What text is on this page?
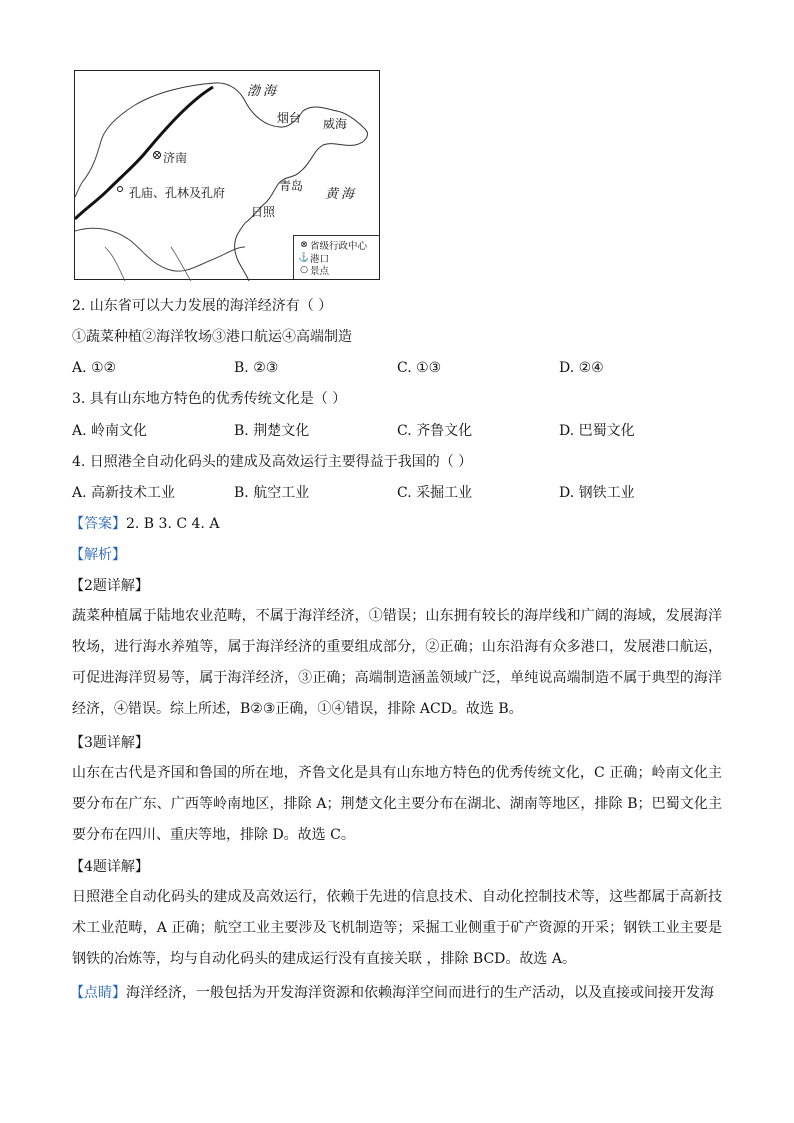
渤海
烟台 威海
济南
孔庙、孔林及孔府	青岛
黄海
日照
⊗ 省级行政中心
⚓ 港口
○ 景点
2. 山东省可以大力发展的海洋经济有（ ）
①蔬菜种植②海洋牧场③港口航运④高端制造
A. ①②	B. ②③	C. ①③	D. ②④
3. 具有山东地方特色的优秀传统文化是（ ）
A. 岭南文化	B. 荆楚文化	C. 齐鲁文化	D. 巴蜀文化
4. 日照港全自动化码头的建成及高效运行主要得益于我国的（ ）
A. 高新技术工业	B. 航空工业	C. 采掘工业	D. 钢铁工业
【答案】2. B 3. C 4. A
【解析】
【2题详解】
蔬菜种植属于陆地农业范畴，不属于海洋经济，①错误；山东拥有较长的海岸线和广阔的海域，发展海洋牧场，进行海水养殖等，属于海洋经济的重要组成部分，②正确；山东沿海有众多港口，发展港口航运，可促进海洋贸易等，属于海洋经济，③正确；高端制造涵盖领域广泛，单纯说高端制造不属于典型的海洋经济，④错误。综上所述，B②③正确，①④错误，排除 ACD。故选 B。
【3题详解】
山东在古代是齐国和鲁国的所在地，齐鲁文化是具有山东地方特色的优秀传统文化，C 正确；岭南文化主要分布在广东、广西等岭南地区，排除 A；荆楚文化主要分布在湖北、湖南等地区，排除 B；巴蜀文化主要分布在四川、重庆等地，排除 D。故选 C。
【4题详解】
日照港全自动化码头的建成及高效运行，依赖于先进的信息技术、自动化控制技术等，这些都属于高新技术工业范畴，A 正确；航空工业主要涉及飞机制造等；采掘工业侧重于矿产资源的开采；钢铁工业主要是钢铁的冶炼等，均与自动化码头的建成运行没有直接关联 ，排除 BCD。故选 A。
【点睛】海洋经济，一般包括为开发海洋资源和依赖海洋空间而进行的生产活动，以及直接或间接开发海
